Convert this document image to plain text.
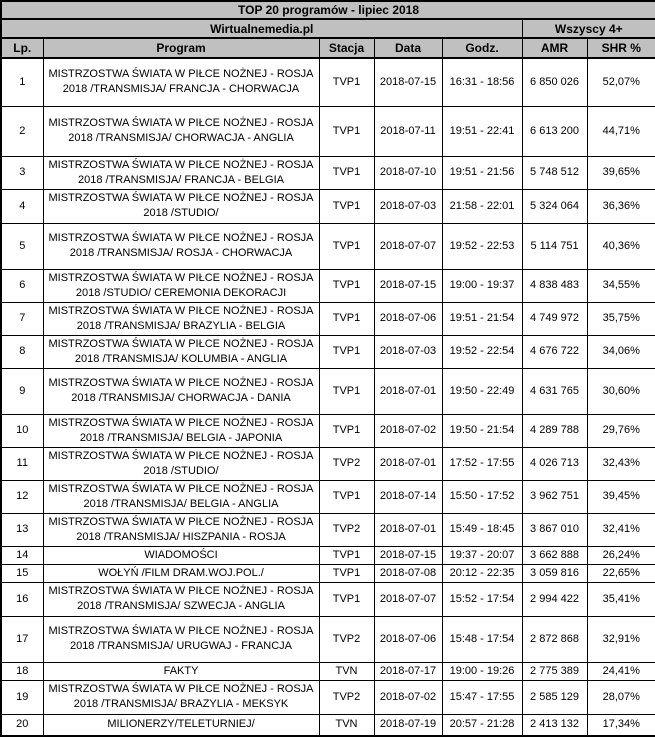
TOP 20 programów - lipiec 2018						
Wirtualnemedia.pl					Wszyscy 4+	
Lp.	Program	Stacja	Data	Godz.	AMR	SHR %
1	MISTRZOSTWA ŚWIATA W PIŁCE NOŻNEJ - ROSJA 2018 /TRANSMISJA/ FRANCJA - CHORWACJA	TVP1	2018-07-15	16:31 - 18:56	6 850 026	52,07%
2	MISTRZOSTWA ŚWIATA W PIŁCE NOŻNEJ - ROSJA 2018 /TRANSMISJA/ CHORWACJA - ANGLIA	TVP1	2018-07-11	19:51 - 22:41	6 613 200	44,71%
3	MISTRZOSTWA ŚWIATA W PIŁCE NOŻNEJ - ROSJA 2018 /TRANSMISJA/ FRANCJA - BELGIA	TVP1	2018-07-10	19:51 - 21:56	5 748 512	39,65%
4	MISTRZOSTWA ŚWIATA W PIŁCE NOŻNEJ - ROSJA 2018 /STUDIO/	TVP1	2018-07-03	21:58 - 22:01	5 324 064	36,36%
5	MISTRZOSTWA ŚWIATA W PIŁCE NOŻNEJ - ROSJA 2018 /TRANSMISJA/ ROSJA - CHORWACJA	TVP1	2018-07-07	19:52 - 22:53	5 114 751	40,36%
6	MISTRZOSTWA ŚWIATA W PIŁCE NOŻNEJ - ROSJA 2018 /STUDIO/ CEREMONIA DEKORACJI	TVP1	2018-07-15	19:00 - 19:37	4 838 483	34,55%
7	MISTRZOSTWA ŚWIATA W PIŁCE NOŻNEJ - ROSJA 2018 /TRANSMISJA/ BRAZYLIA - BELGIA	TVP1	2018-07-06	19:51 - 21:54	4 749 972	35,75%
8	MISTRZOSTWA ŚWIATA W PIŁCE NOŻNEJ - ROSJA 2018 /TRANSMISJA/ KOLUMBIA - ANGLIA	TVP1	2018-07-03	19:52 - 22:54	4 676 722	34,06%
9	MISTRZOSTWA ŚWIATA W PIŁCE NOŻNEJ - ROSJA 2018 /TRANSMISJA/ CHORWACJA - DANIA	TVP1	2018-07-01	19:50 - 22:49	4 631 765	30,60%
10	MISTRZOSTWA ŚWIATA W PIŁCE NOŻNEJ - ROSJA 2018 /TRANSMISJA/ BELGIA - JAPONIA	TVP1	2018-07-02	19:50 - 21:54	4 289 788	29,76%
11	MISTRZOSTWA ŚWIATA W PIŁCE NOŻNEJ - ROSJA 2018 /STUDIO/	TVP2	2018-07-01	17:52 - 17:55	4 026 713	32,43%
12	MISTRZOSTWA ŚWIATA W PIŁCE NOŻNEJ - ROSJA 2018 /TRANSMISJA/ BELGIA - ANGLIA	TVP1	2018-07-14	15:50 - 17:52	3 962 751	39,45%
13	MISTRZOSTWA ŚWIATA W PIŁCE NOŻNEJ - ROSJA 2018 /TRANSMISJA/ HISZPANIA - ROSJA	TVP2	2018-07-01	15:49 - 18:45	3 867 010	32,41%
14	WIADOMOŚCI	TVP1	2018-07-15	19:37 - 20:07	3 662 888	26,24%
15	WOŁYŃ /FILM DRAM.WOJ.POL./	TVP1	2018-07-08	20:12 - 22:35	3 059 816	22,65%
16	MISTRZOSTWA ŚWIATA W PIŁCE NOŻNEJ - ROSJA 2018 /TRANSMISJA/ SZWECJA - ANGLIA	TVP1	2018-07-07	15:52 - 17:54	2 994 422	35,41%
17	MISTRZOSTWA ŚWIATA W PIŁCE NOŻNEJ - ROSJA 2018 /TRANSMISJA/ URUGWAJ - FRANCJA	TVP2	2018-07-06	15:48 - 17:54	2 872 868	32,91%
18	FAKTY	TVN	2018-07-17	19:00 - 19:26	2 775 389	24,41%
19	MISTRZOSTWA ŚWIATA W PIŁCE NOŻNEJ - ROSJA 2018 /TRANSMISJA/ BRAZYLIA - MEKSYK	TVP2	2018-07-02	15:47 - 17:55	2 585 129	28,07%
20	MILIONERZY/TELETURNIEJ/	TVN	2018-07-19	20:57 - 21:28	2 413 132	17,34%
